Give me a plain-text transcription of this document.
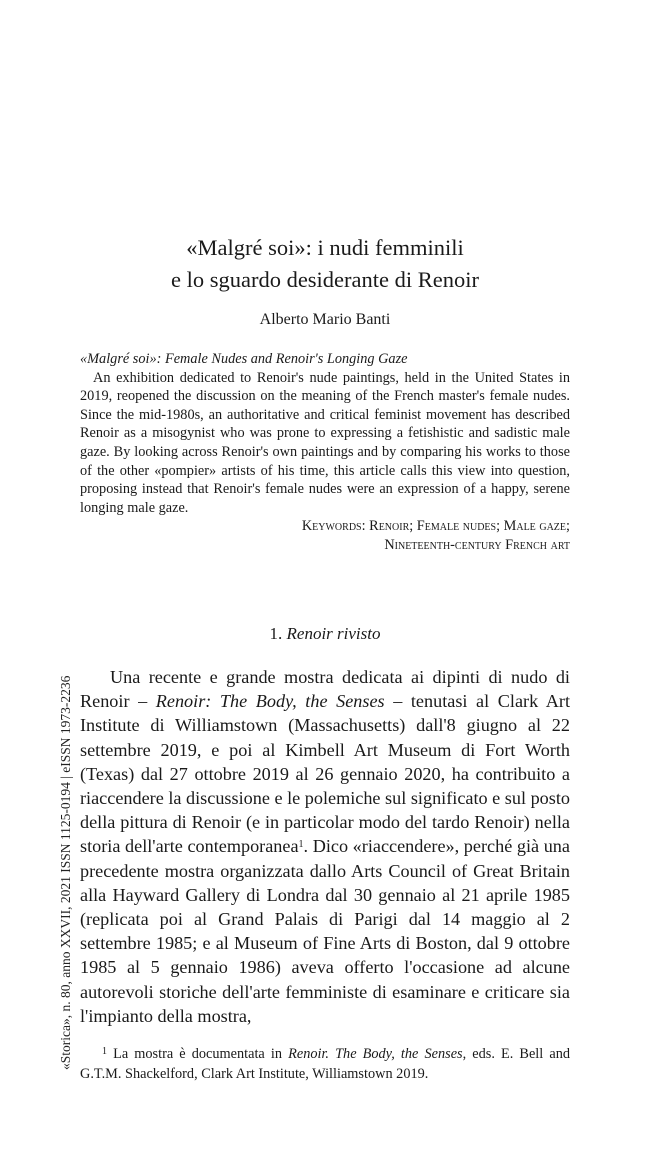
«Storica», n. 80, anno XXVII, 2021 ISSN 1125-0194 | eISSN 1973-2236
«Malgré soi»: i nudi femminili
e lo sguardo desiderante di Renoir
Alberto Mario Banti
«Malgré soi»: Female Nudes and Renoir's Longing Gaze
An exhibition dedicated to Renoir's nude paintings, held in the United States in 2019, reopened the discussion on the meaning of the French master's female nudes. Since the mid-1980s, an authoritative and critical feminist movement has described Renoir as a misogynist who was prone to expressing a fetishistic and sadistic male gaze. By looking across Renoir's own paintings and by comparing his works to those of the other «pompier» artists of his time, this article calls this view into question, proposing instead that Renoir's female nudes were an expression of a happy, serene longing male gaze.
Keywords: Renoir; Female nudes; Male gaze;
Nineteenth-century French art
1. Renoir rivisto

Una recente e grande mostra dedicata ai dipinti di nudo di Renoir – Renoir: The Body, the Senses – tenutasi al Clark Art Institute di Williamstown (Massachusetts) dall'8 giugno al 22 settembre 2019, e poi al Kimbell Art Museum di Fort Worth (Texas) dal 27 ottobre 2019 al 26 gennaio 2020, ha contribuito a riaccendere la discussione e le polemiche sul significato e sul posto della pittura di Renoir (e in particolar modo del tardo Renoir) nella storia dell'arte contemporanea$^1$. Dico «riaccendere», perché già una precedente mostra organizzata dallo Arts Council of Great Britain alla Hayward Gallery di Londra dal 30 gennaio al 21 aprile 1985 (replicata poi al Grand Palais di Parigi dal 14 maggio al 2 settembre 1985; e al Museum of Fine Arts di Boston, dal 9 ottobre 1985 al 5 gennaio 1986) aveva offerto l'occasione ad alcune autorevoli storiche dell'arte femministe di esaminare e criticare sia l'impianto della mostra,

$^1$ La mostra è documentata in Renoir. The Body, the Senses, eds. E. Bell and G.T.M. Shackelford, Clark Art Institute, Williamstown 2019.
